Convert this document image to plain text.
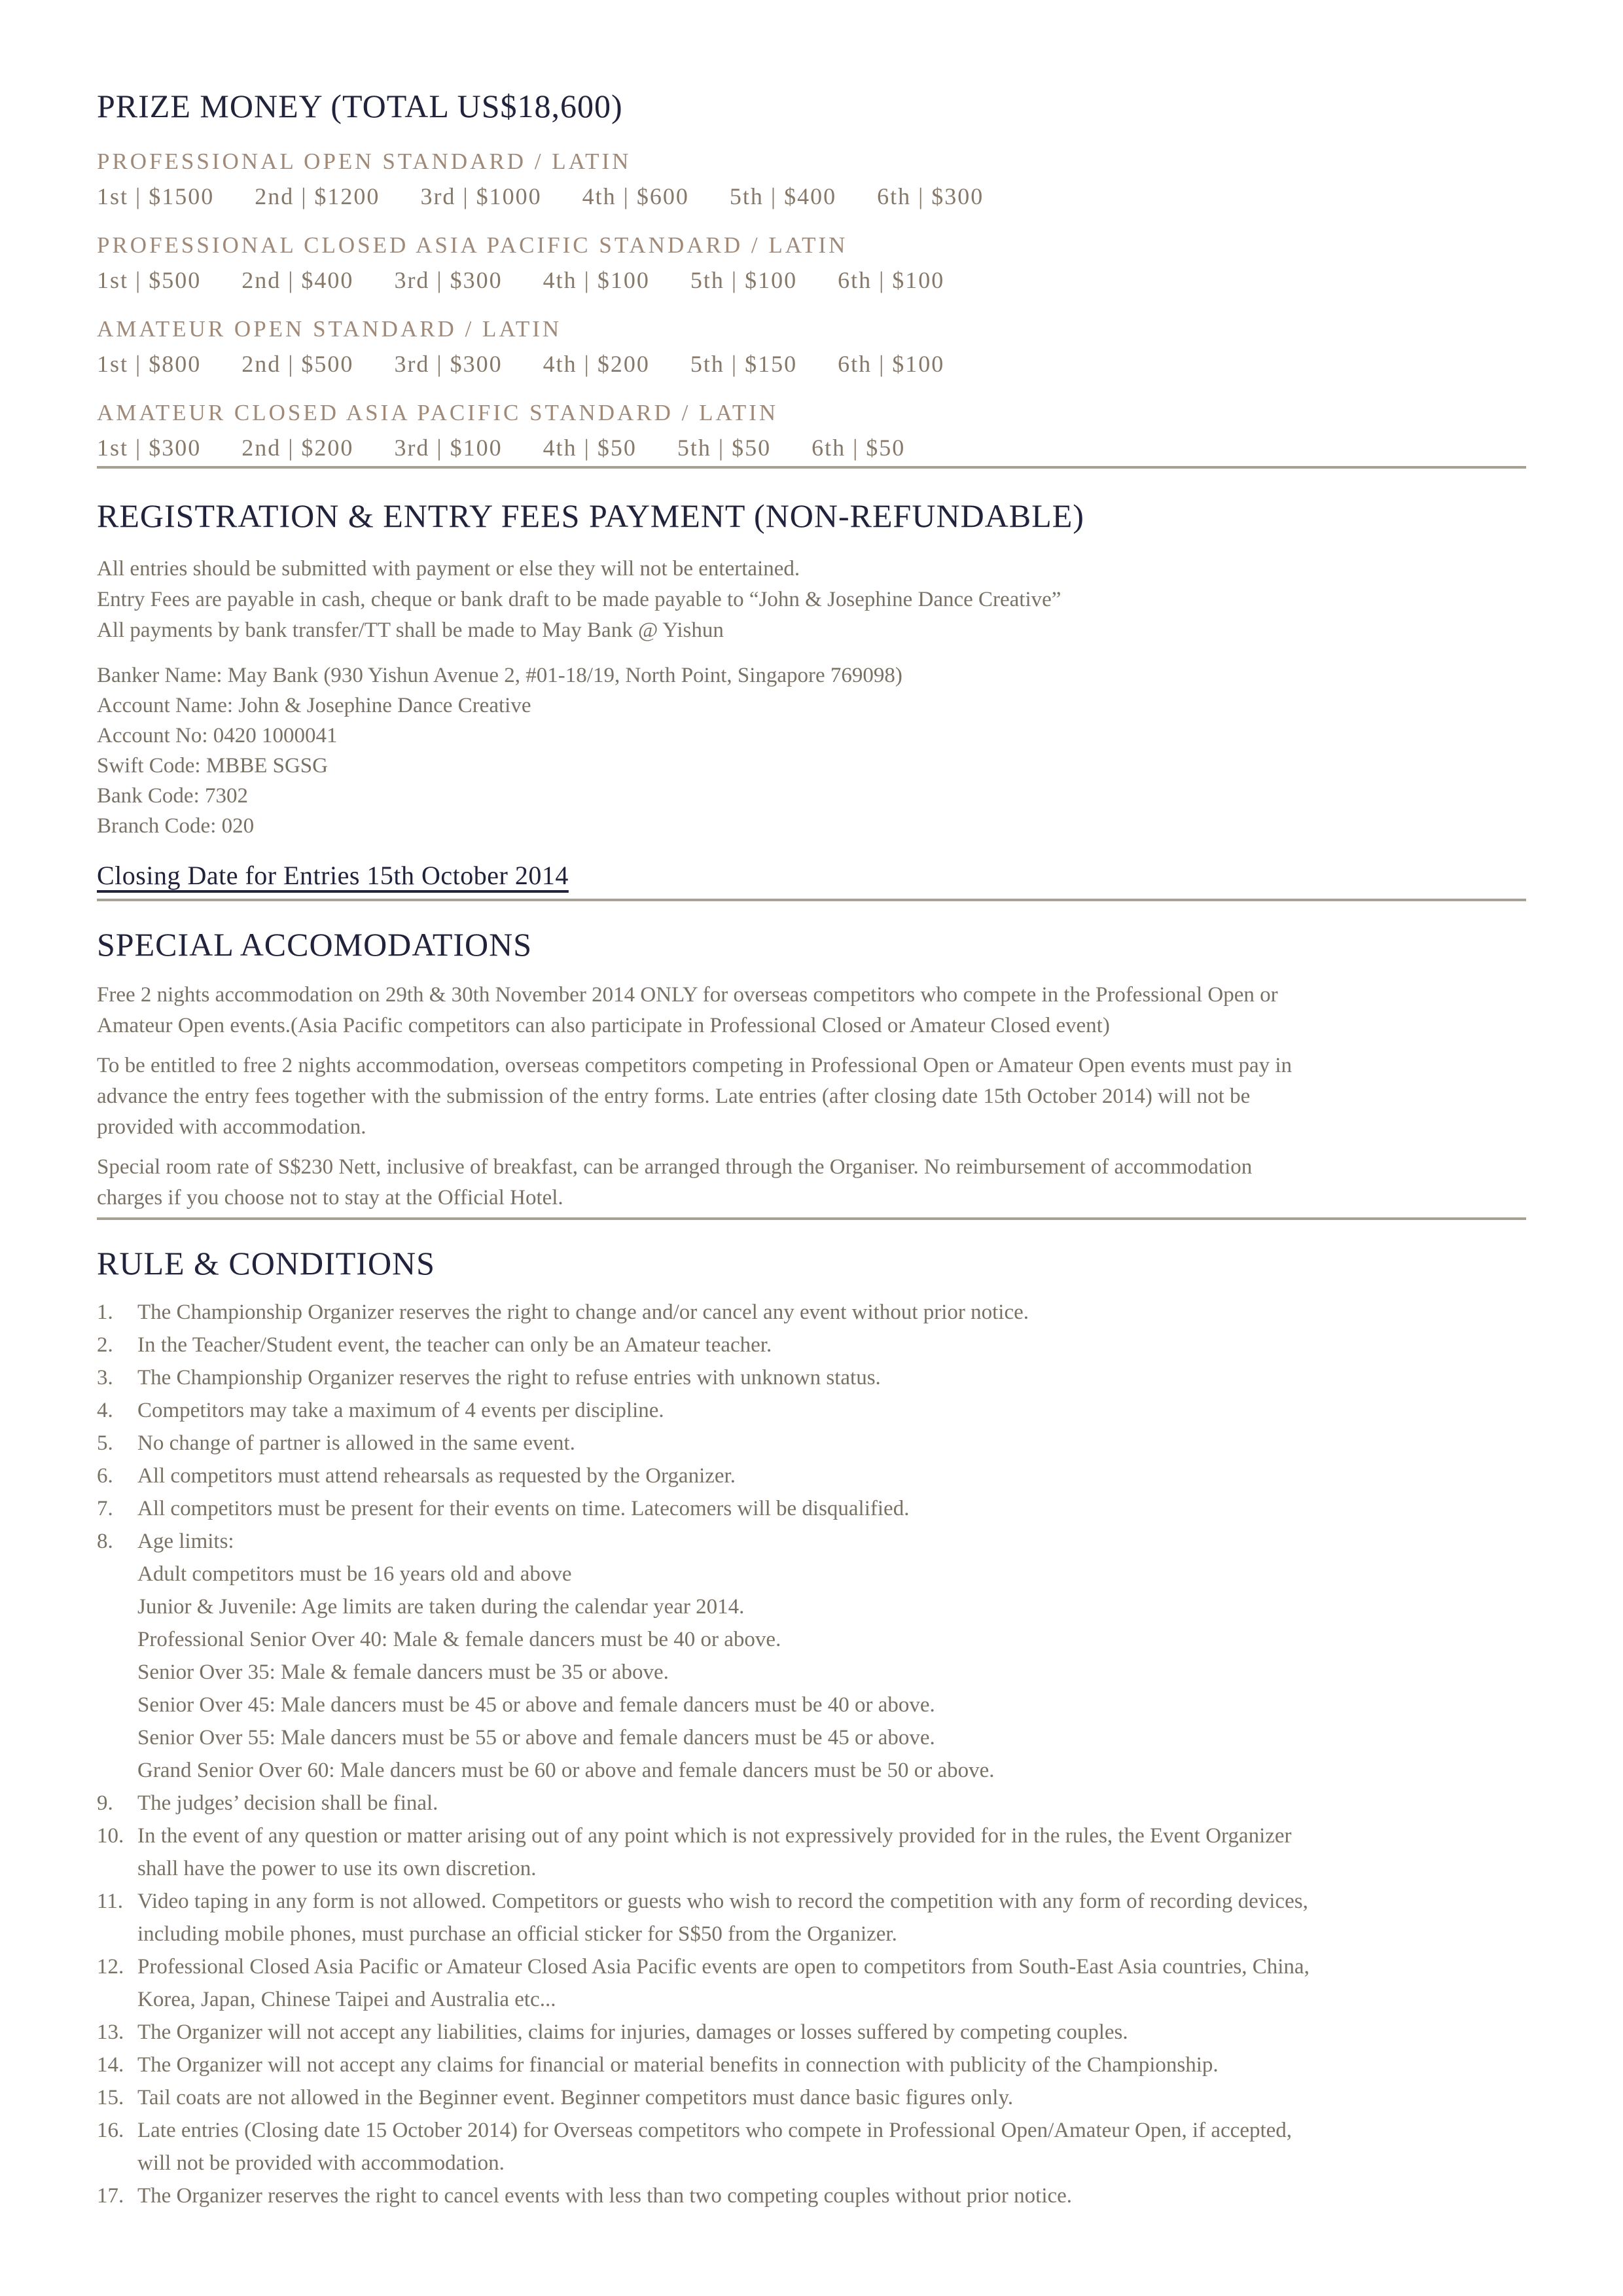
PRIZE MONEY (TOTAL US$18,600)
PROFESSIONAL OPEN STANDARD / LATIN
1st | $1500 2nd | $1200 3rd | $1000 4th | $600 5th | $400 6th | $300
PROFESSIONAL CLOSED ASIA PACIFIC STANDARD / LATIN
1st | $500 2nd | $400 3rd | $300 4th | $100 5th | $100 6th | $100
AMATEUR OPEN STANDARD / LATIN
1st | $800 2nd | $500 3rd | $300 4th | $200 5th | $150 6th | $100
AMATEUR CLOSED ASIA PACIFIC STANDARD / LATIN
1st | $300 2nd | $200 3rd | $100 4th | $50 5th | $50 6th | $50
REGISTRATION & ENTRY FEES PAYMENT (NON-REFUNDABLE)
All entries should be submitted with payment or else they will not be entertained.
Entry Fees are payable in cash, cheque or bank draft to be made payable to “John & Josephine Dance Creative”
All payments by bank transfer/TT shall be made to May Bank @ Yishun
Banker Name: May Bank (930 Yishun Avenue 2, #01-18/19, North Point, Singapore 769098)
Account Name: John & Josephine Dance Creative
Account No: 0420 1000041
Swift Code: MBBE SGSG
Bank Code: 7302
Branch Code: 020
Closing Date for Entries 15th October 2014
SPECIAL ACCOMODATIONS
Free 2 nights accommodation on 29th & 30th November 2014 ONLY for overseas competitors who compete in the Professional Open or
Amateur Open events.(Asia Pacific competitors can also participate in Professional Closed or Amateur Closed event)
To be entitled to free 2 nights accommodation, overseas competitors competing in Professional Open or Amateur Open events must pay in
advance the entry fees together with the submission of the entry forms. Late entries (after closing date 15th October 2014) will not be
provided with accommodation.
Special room rate of S$230 Nett, inclusive of breakfast, can be arranged through the Organiser. No reimbursement of accommodation
charges if you choose not to stay at the Official Hotel.
RULE & CONDITIONS
1.	The Championship Organizer reserves the right to change and/or cancel any event without prior notice.
2.	In the Teacher/Student event, the teacher can only be an Amateur teacher.
3.	The Championship Organizer reserves the right to refuse entries with unknown status.
4.	Competitors may take a maximum of 4 events per discipline.
5.	No change of partner is allowed in the same event.
6.	All competitors must attend rehearsals as requested by the Organizer.
7.	All competitors must be present for their events on time. Latecomers will be disqualified.
8.	Age limits:
Adult competitors must be 16 years old and above
Junior & Juvenile: Age limits are taken during the calendar year 2014.
Professional Senior Over 40: Male & female dancers must be 40 or above.
Senior Over 35: Male & female dancers must be 35 or above.
Senior Over 45: Male dancers must be 45 or above and female dancers must be 40 or above.
Senior Over 55: Male dancers must be 55 or above and female dancers must be 45 or above.
Grand Senior Over 60: Male dancers must be 60 or above and female dancers must be 50 or above.
9.	The judges’ decision shall be final.
10. In the event of any question or matter arising out of any point which is not expressively provided for in the rules, the Event Organizer
shall have the power to use its own discretion.
11. Video taping in any form is not allowed. Competitors or guests who wish to record the competition with any form of recording devices,
including mobile phones, must purchase an official sticker for S$50 from the Organizer.
12. Professional Closed Asia Pacific or Amateur Closed Asia Pacific events are open to competitors from South-East Asia countries, China,
Korea, Japan, Chinese Taipei and Australia etc...
13. The Organizer will not accept any liabilities, claims for injuries, damages or losses suffered by competing couples.
14. The Organizer will not accept any claims for financial or material benefits in connection with publicity of the Championship.
15. Tail coats are not allowed in the Beginner event. Beginner competitors must dance basic figures only.
16. Late entries (Closing date 15 October 2014) for Overseas competitors who compete in Professional Open/Amateur Open, if accepted,
will not be provided with accommodation.
17. The Organizer reserves the right to cancel events with less than two competing couples without prior notice.
